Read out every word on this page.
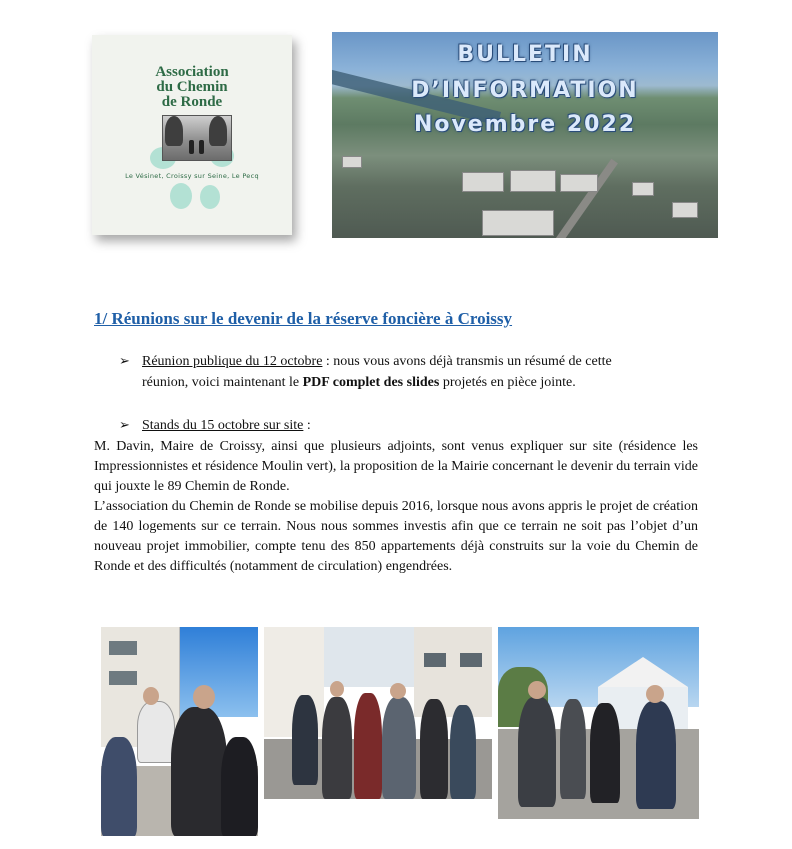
Association
du Chemin
de Ronde
Le Vésinet, Croissy sur Seine, Le Pecq
BULLETIN
D’INFORMATION
Novembre 2022
1/ Réunions sur le devenir de la réserve foncière à Croissy
➢ Réunion publique du 12 octobre : nous vous avons déjà transmis un résumé de cette
réunion, voici maintenant le PDF complet des slides projetés en pièce jointe.
➢ Stands du 15 octobre sur site :
M. Davin, Maire de Croissy, ainsi que plusieurs adjoints, sont venus expliquer sur site (résidence les Impressionnistes et résidence Moulin vert), la proposition de la Mairie concernant le devenir du terrain vide qui jouxte le 89 Chemin de Ronde.
L’association du Chemin de Ronde se mobilise depuis 2016, lorsque nous avons appris le projet de création de 140 logements sur ce terrain. Nous nous sommes investis afin que ce terrain ne soit pas l’objet d’un nouveau projet immobilier, compte tenu des 850 appartements déjà construits sur la voie du Chemin de Ronde et des difficultés (notamment de circulation) engendrées.
